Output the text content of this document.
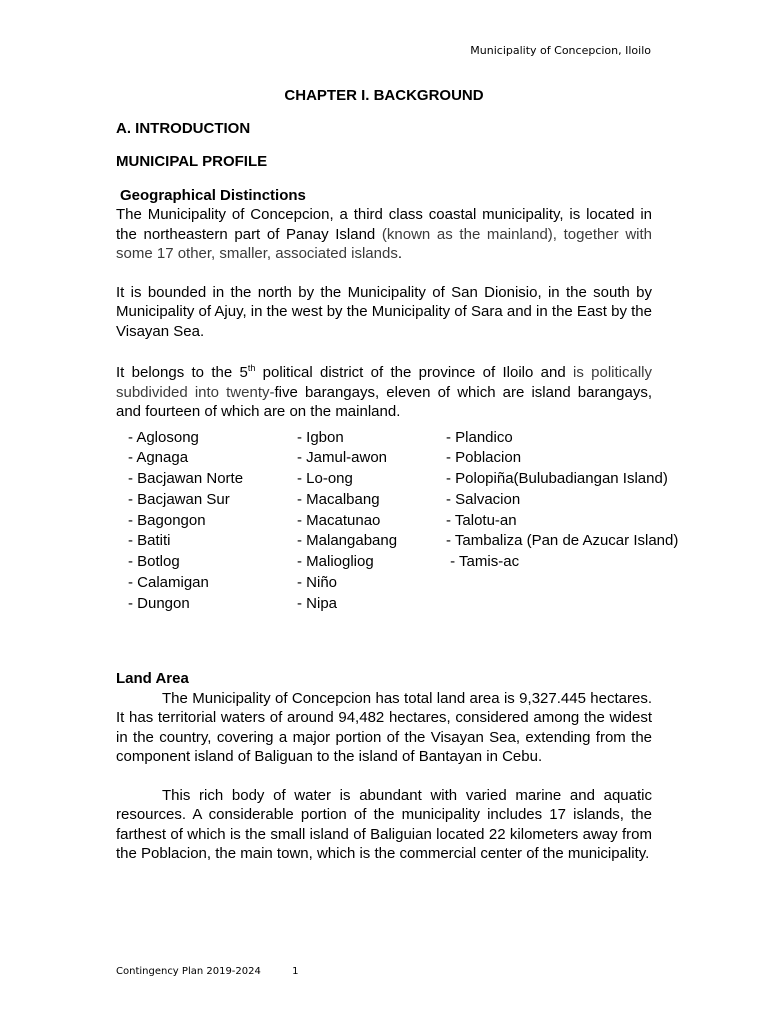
Municipality of Concepcion, Iloilo
CHAPTER I. BACKGROUND
A. INTRODUCTION
MUNICIPAL PROFILE
Geographical Distinctions

The Municipality of Concepcion, a third class coastal municipality, is located in the northeastern part of Panay Island (known as the mainland), together with some 17 other, smaller, associated islands.

It is bounded in the north by the Municipality of San Dionisio, in the south by Municipality of Ajuy, in the west by the Municipality of Sara and in the East by the Visayan Sea.

It belongs to the 5th political district of the province of Iloilo and is politically subdivided into twenty-five barangays, eleven of which are island barangays, and fourteen of which are on the mainland.

- Aglosong
- Agnaga
- Bacjawan Norte
- Bacjawan Sur
- Bagongon
- Batiti
- Botlog
- Calamigan
- Dungon
- Igbon
- Jamul-awon
- Lo-ong
- Macalbang
- Macatunao
- Malangabang
- Maliogliog
- Niño
- Nipa
- Plandico
- Poblacion
- Polopiña(Bulubadiangan Island)
- Salvacion
- Talotu-an
- Tambaliza (Pan de Azucar Island)
- Tamis-ac
Land Area

The Municipality of Concepcion has total land area is 9,327.445 hectares. It has territorial waters of around 94,482 hectares, considered among the widest in the country, covering a major portion of the Visayan Sea, extending from the component island of Baliguan to the island of Bantayan in Cebu.

This rich body of water is abundant with varied marine and aquatic resources. A considerable portion of the municipality includes 17 islands, the farthest of which is the small island of Baliguian located 22 kilometers away from the Poblacion, the main town, which is the commercial center of the municipality.

Contingency Plan 2019-2024	1
